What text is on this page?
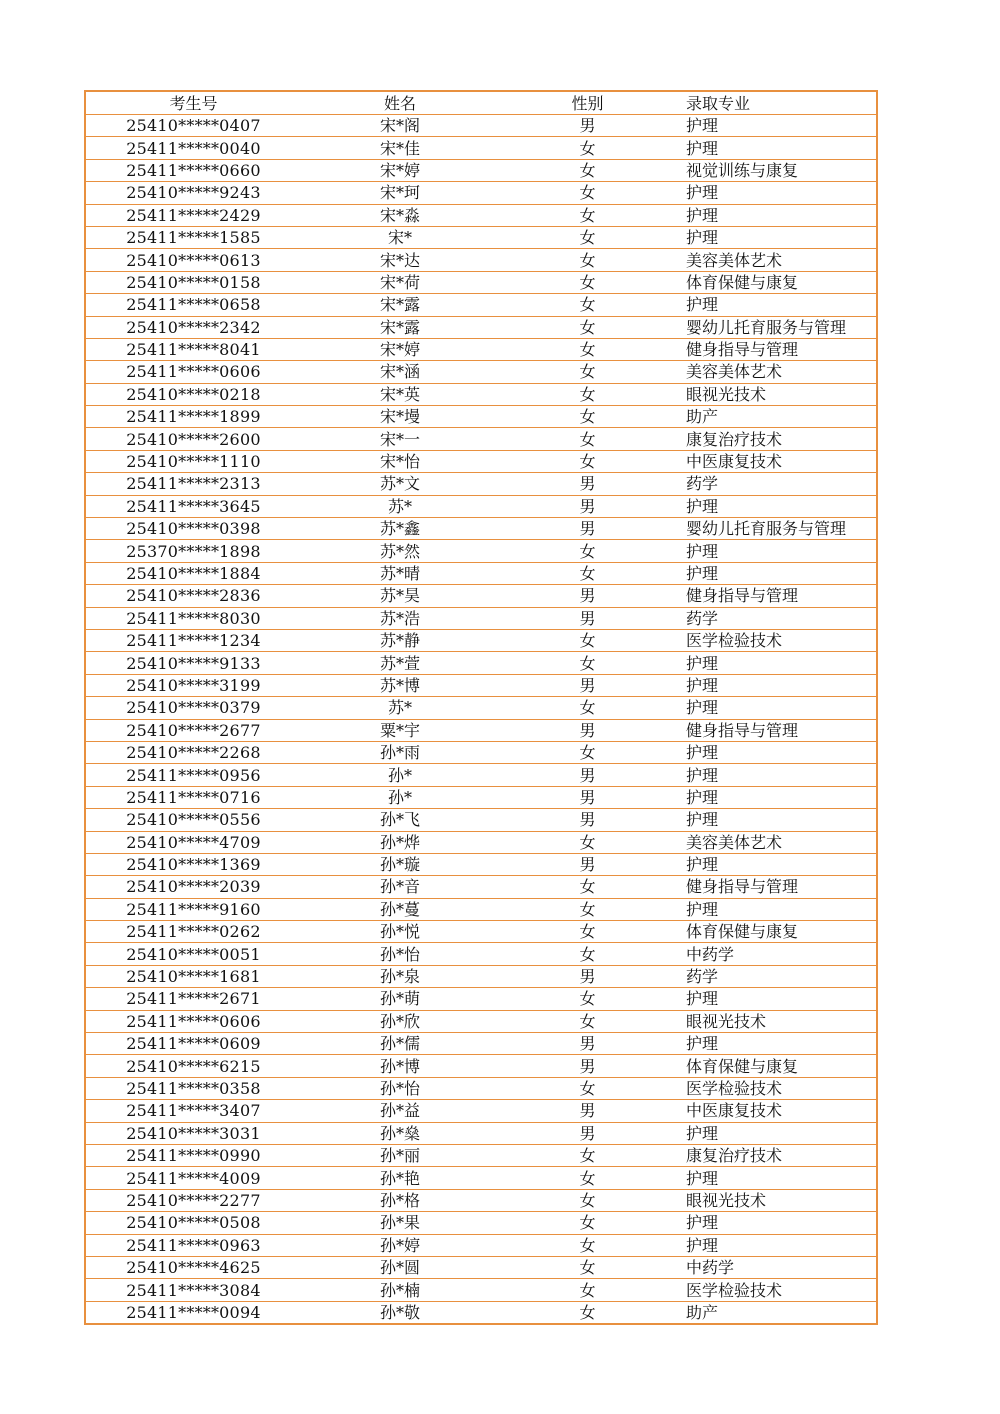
考生号	姓名	性别	录取专业
25410*****0407	宋*阁	男	护理
25411*****0040	宋*佳	女	护理
25411*****0660	宋*婷	女	视觉训练与康复
25410*****9243	宋*珂	女	护理
25411*****2429	宋*淼	女	护理
25411*****1585	宋*	女	护理
25410*****0613	宋*达	女	美容美体艺术
25410*****0158	宋*荷	女	体育保健与康复
25411*****0658	宋*露	女	护理
25410*****2342	宋*露	女	婴幼儿托育服务与管理
25411*****8041	宋*婷	女	健身指导与管理
25411*****0606	宋*涵	女	美容美体艺术
25410*****0218	宋*英	女	眼视光技术
25411*****1899	宋*墁	女	助产
25410*****2600	宋*一	女	康复治疗技术
25410*****1110	宋*怡	女	中医康复技术
25411*****2313	苏*文	男	药学
25411*****3645	苏*	男	护理
25410*****0398	苏*鑫	男	婴幼儿托育服务与管理
25370*****1898	苏*然	女	护理
25410*****1884	苏*晴	女	护理
25410*****2836	苏*昊	男	健身指导与管理
25411*****8030	苏*浩	男	药学
25411*****1234	苏*静	女	医学检验技术
25410*****9133	苏*萱	女	护理
25410*****3199	苏*博	男	护理
25410*****0379	苏*	女	护理
25410*****2677	粟*宇	男	健身指导与管理
25410*****2268	孙*雨	女	护理
25411*****0956	孙*	男	护理
25411*****0716	孙*	男	护理
25410*****0556	孙*飞	男	护理
25410*****4709	孙*烨	女	美容美体艺术
25410*****1369	孙*璇	男	护理
25410*****2039	孙*音	女	健身指导与管理
25411*****9160	孙*蔓	女	护理
25411*****0262	孙*悦	女	体育保健与康复
25410*****0051	孙*怡	女	中药学
25410*****1681	孙*泉	男	药学
25411*****2671	孙*萌	女	护理
25411*****0606	孙*欣	女	眼视光技术
25411*****0609	孙*儒	男	护理
25410*****6215	孙*博	男	体育保健与康复
25411*****0358	孙*怡	女	医学检验技术
25411*****3407	孙*益	男	中医康复技术
25410*****3031	孙*燊	男	护理
25411*****0990	孙*丽	女	康复治疗技术
25411*****4009	孙*艳	女	护理
25410*****2277	孙*格	女	眼视光技术
25410*****0508	孙*果	女	护理
25411*****0963	孙*婷	女	护理
25410*****4625	孙*圆	女	中药学
25411*****3084	孙*楠	女	医学检验技术
25411*****0094	孙*敬	女	助产
